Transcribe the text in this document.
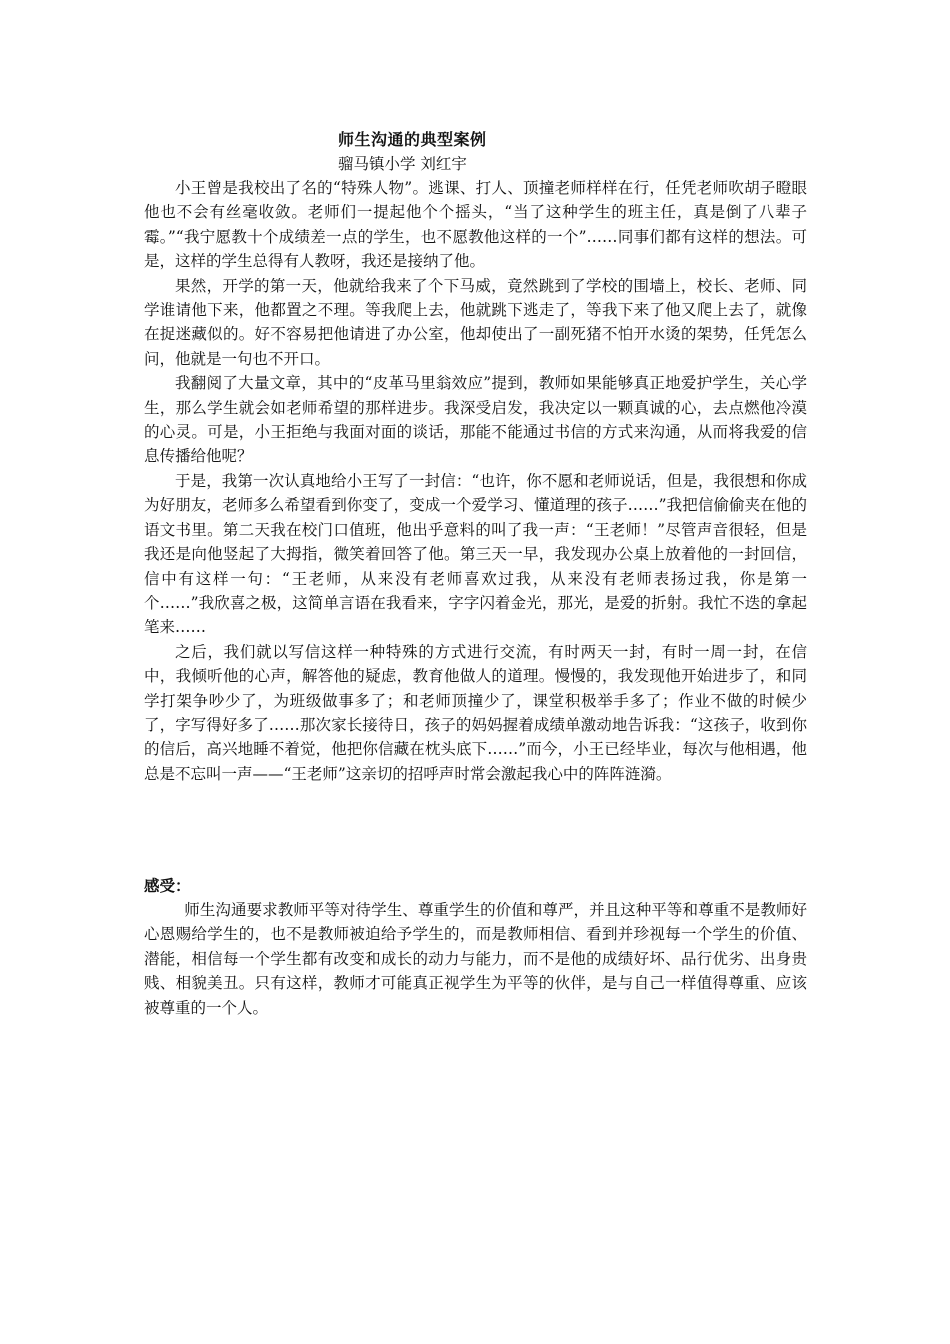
师生沟通的典型案例
骝马镇小学 刘红宇

小王曾是我校出了名的“特殊人物”。逃课、打人、顶撞老师样样在行，任凭老师吹胡子瞪眼他也不会有丝毫收敛。老师们一提起他个个摇头，“当了这种学生的班主任，真是倒了八辈子霉。”“我宁愿教十个成绩差一点的学生，也不愿教他这样的一个”……同事们都有这样的想法。可是，这样的学生总得有人教呀，我还是接纳了他。

果然，开学的第一天，他就给我来了个下马威，竟然跳到了学校的围墙上，校长、老师、同学谁请他下来，他都置之不理。等我爬上去，他就跳下逃走了，等我下来了他又爬上去了，就像在捉迷藏似的。好不容易把他请进了办公室，他却使出了一副死猪不怕开水烫的架势，任凭怎么问，他就是一句也不开口。

我翻阅了大量文章，其中的“皮革马里翁效应”提到，教师如果能够真正地爱护学生，关心学生，那么学生就会如老师希望的那样进步。我深受启发，我决定以一颗真诚的心，去点燃他冷漠的心灵。可是，小王拒绝与我面对面的谈话，那能不能通过书信的方式来沟通，从而将我爱的信息传播给他呢？

于是，我第一次认真地给小王写了一封信：“也许，你不愿和老师说话，但是，我很想和你成为好朋友，老师多么希望看到你变了，变成一个爱学习、懂道理的孩子……”我把信偷偷夹在他的语文书里。第二天我在校门口值班，他出乎意料的叫了我一声：“王老师！”尽管声音很轻，但是我还是向他竖起了大拇指，微笑着回答了他。第三天一早，我发现办公桌上放着他的一封回信，信中有这样一句：“王老师，从来没有老师喜欢过我，从来没有老师表扬过我，你是第一个……”我欣喜之极，这简单言语在我看来，字字闪着金光，那光，是爱的折射。我忙不迭的拿起笔来……

之后，我们就以写信这样一种特殊的方式进行交流，有时两天一封，有时一周一封，在信中，我倾听他的心声，解答他的疑虑，教育他做人的道理。慢慢的，我发现他开始进步了，和同学打架争吵少了，为班级做事多了；和老师顶撞少了，课堂积极举手多了；作业不做的时候少了，字写得好多了……那次家长接待日，孩子的妈妈握着成绩单激动地告诉我：“这孩子，收到你的信后，高兴地睡不着觉，他把你信藏在枕头底下……”而今，小王已经毕业，每次与他相遇，他总是不忘叫一声——“王老师”这亲切的招呼声时常会激起我心中的阵阵涟漪。

感受：

师生沟通要求教师平等对待学生、尊重学生的价值和尊严，并且这种平等和尊重不是教师好心恩赐给学生的，也不是教师被迫给予学生的，而是教师相信、看到并珍视每一个学生的价值、潜能，相信每一个学生都有改变和成长的动力与能力，而不是他的成绩好坏、品行优劣、出身贵贱、相貌美丑。只有这样，教师才可能真正视学生为平等的伙伴，是与自己一样值得尊重、应该被尊重的一个人。
